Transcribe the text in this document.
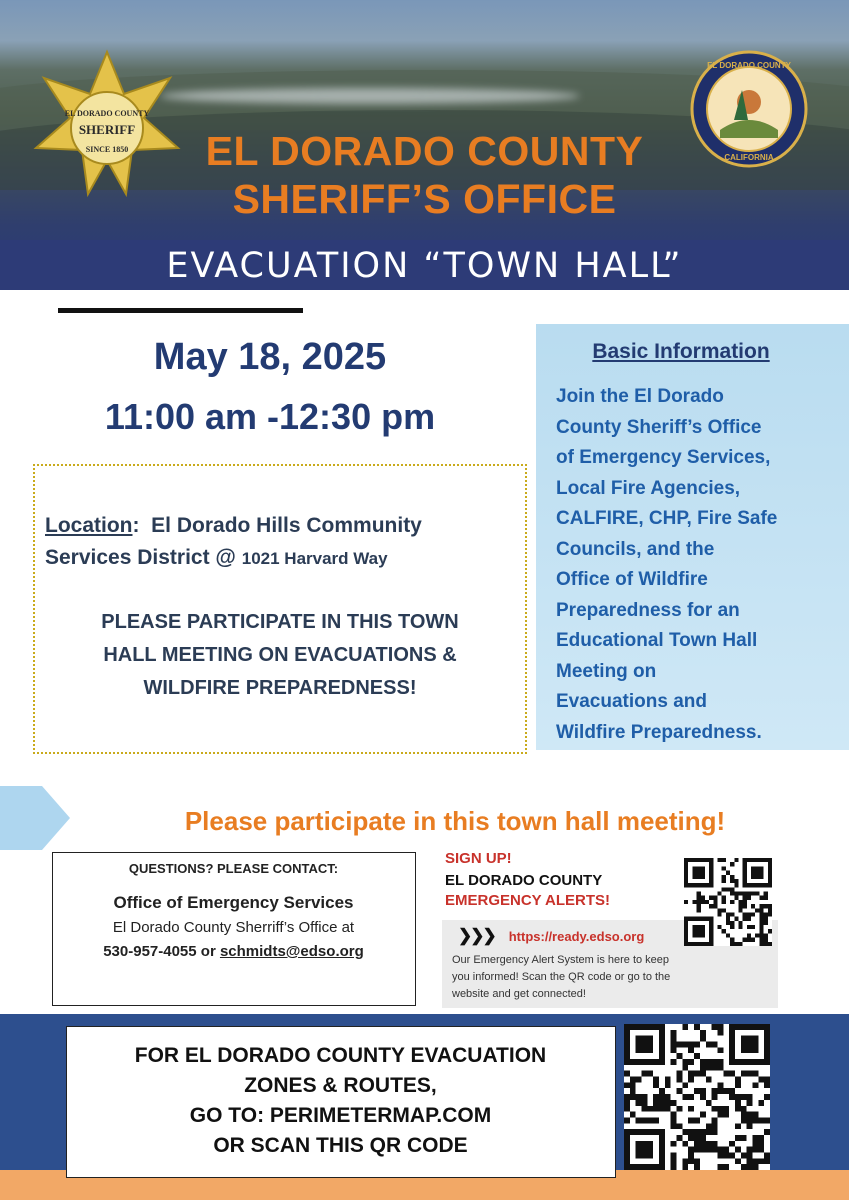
EL DORADO COUNTY
SHERIFF
SINCE 1850
EL DORADO COUNTY
CALIFORNIA
EL DORADO COUNTY
SHERIFF’S OFFICE
EVACUATION “TOWN HALL”
May 18, 2025
11:00 am -12:30 pm
Location:  El Dorado Hills Community
Services District @ 1021 Harvard Way
PLEASE PARTICIPATE IN THIS TOWN
HALL MEETING ON EVACUATIONS &
WILDFIRE PREPAREDNESS!
Basic Information
Join the El Dorado
County Sheriff’s Office
of Emergency Services,
Local Fire Agencies,
CALFIRE, CHP, Fire Safe
Councils, and the
Office of Wildfire
Preparedness for an
Educational Town Hall
Meeting on
Evacuations and
Wildfire Preparedness.
Please participate in this town hall meeting!
QUESTIONS? PLEASE CONTACT:
Office of Emergency Services
El Dorado County Sherriff’s Office at
530-957-4055 or schmidts@edso.org
SIGN UP!
EL DORADO COUNTY
EMERGENCY ALERTS!
❯❯❯ https://ready.edso.org
Our Emergency Alert System is here to keep
you informed! Scan the QR code or go to the
website and get connected!
FOR EL DORADO COUNTY EVACUATION
ZONES & ROUTES,
GO TO: PERIMETERMAP.COM
OR SCAN THIS QR CODE
